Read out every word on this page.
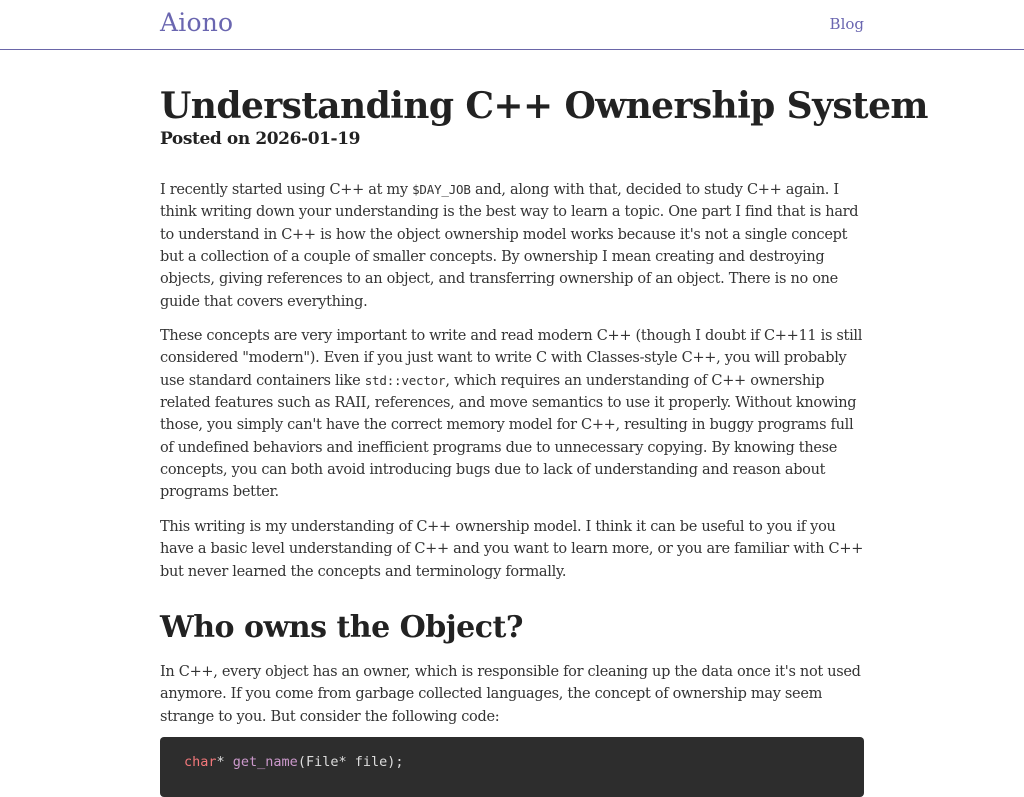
Aiono	Blog
Understanding C++ Ownership System
Posted on 2026-01-19

I recently started using C++ at my $DAY_JOB and, along with that, decided to study C++ again. I think writing down your understanding is the best way to learn a topic. One part I find that is hard to understand in C++ is how the object ownership model works because it's not a single concept but a collection of a couple of smaller concepts. By ownership I mean creating and destroying objects, giving references to an object, and transferring ownership of an object. There is no one guide that covers everything.

These concepts are very important to write and read modern C++ (though I doubt if C++11 is still considered "modern"). Even if you just want to write C with Classes-style C++, you will probably use standard containers like std::vector, which requires an understanding of C++ ownership related features such as RAII, references, and move semantics to use it properly. Without knowing those, you simply can't have the correct memory model for C++, resulting in buggy programs full of undefined behaviors and inefficient programs due to unnecessary copying. By knowing these concepts, you can both avoid introducing bugs due to lack of understanding and reason about programs better.

This writing is my understanding of C++ ownership model. I think it can be useful to you if you have a basic level understanding of C++ and you want to learn more, or you are familiar with C++ but never learned the concepts and terminology formally.

Who owns the Object?

In C++, every object has an owner, which is responsible for cleaning up the data once it's not used anymore. If you come from garbage collected languages, the concept of ownership may seem strange to you. But consider the following code:

char* get_name(File* file);
